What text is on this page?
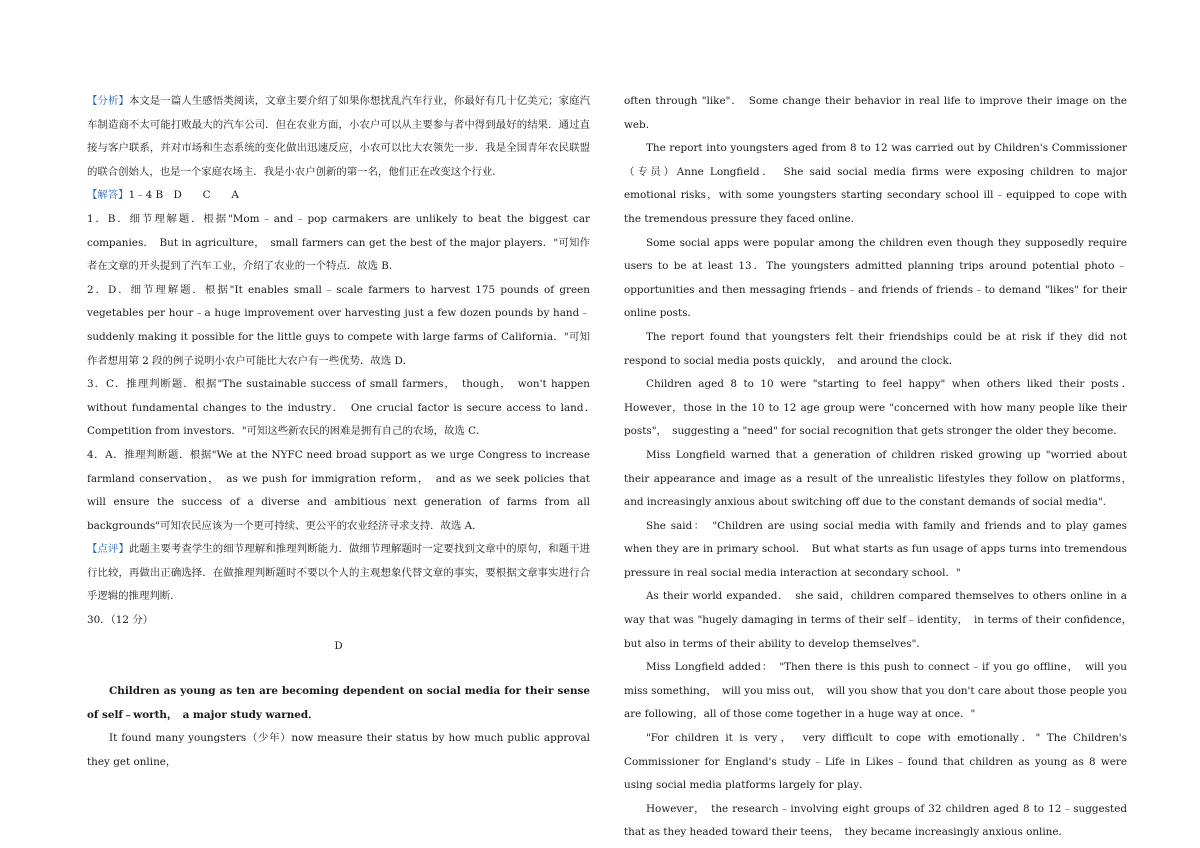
【分析】本文是一篇人生感悟类阅读，文章主要介绍了如果你想扰乱汽车行业，你最好有几十亿美元；家庭汽车制造商不太可能打败最大的汽车公司．但在农业方面，小农户可以从主要参与者中得到最好的结果．通过直接与客户联系，并对市场和生态系统的变化做出迅速反应，小农可以比大农领先一步．我是全国青年农民联盟的联合创始人，也是一个家庭农场主．我是小农户创新的第一名，他们正在改变这个行业．

【解答】1﹣4 B　D　　C　　A

1．B．细节理解题．根据"Mom﹣and﹣pop carmakers are unlikely to beat the biggest car companies．　But in agriculture，　small farmers can get the best of the major players．"可知作者在文章的开头提到了汽车工业，介绍了农业的一个特点．故选 B．

2．D．细节理解题．根据"It enables small﹣scale farmers to harvest 175 pounds of green vegetables per hour﹣a huge improvement over harvesting just a few dozen pounds by hand﹣suddenly making it possible for the little guys to compete with large farms of California．"可知作者想用第 2 段的例子说明小农户可能比大农户有一些优势．故选 D．

3．C．推理判断题．根据"The sustainable success of small farmers，　though，　won't happen without fundamental changes to the industry．　One crucial factor is secure access to land．　Competition from investors．"可知这些新农民的困难是拥有自己的农场，故选 C．

4．A．推理判断题．根据"We at the NYFC need broad support as we urge Congress to increase farmland conservation，　as we push for immigration reform，　and as we seek policies that will ensure the success of a diverse and ambitious next generation of farms from all backgrounds"可知农民应该为一个更可持续、更公平的农业经济寻求支持．故选 A．

【点评】此题主要考查学生的细节理解和推理判断能力．做细节理解题时一定要找到文章中的原句，和题干进行比较，再做出正确选择．在做推理判断题时不要以个人的主观想象代替文章的事实，要根据文章事实进行合乎逻辑的推理判断．

30．（12 分）

D

Children as young as ten are becoming dependent on social media for their sense of self﹣worth，　a major study warned．

It found many youngsters（少年）now measure their status by how much public approval they get online，

often through "like"．　Some change their behavior in real life to improve their image on the web．

The report into youngsters aged from 8 to 12 was carried out by Children's Commissioner （专员）Anne Longfield．　She said social media firms were exposing children to major emotional risks，with some youngsters starting secondary school ill﹣equipped to cope with the tremendous pressure they faced online．

Some social apps were popular among the children even though they supposedly require users to be at least 13．The youngsters admitted planning trips around potential photo﹣opportunities and then messaging friends﹣and friends of friends﹣to demand "likes" for their online posts．

The report found that youngsters felt their friendships could be at risk if they did not respond to social media posts quickly，　and around the clock．

Children aged 8 to 10 were "starting to feel happy" when others liked their posts．　However，those in the 10 to 12 age group were "concerned with how many people like their posts"，　suggesting a "need" for social recognition that gets stronger the older they become．

Miss Longfield warned that a generation of children risked growing up "worried about their appearance and image as a result of the unrealistic lifestyles they follow on platforms，　and increasingly anxious about switching off due to the constant demands of social media".

She said：　"Children are using social media with family and friends and to play games when they are in primary school．　But what starts as fun usage of apps turns into tremendous pressure in real social media interaction at secondary school．"

As their world expanded．　she said，children compared themselves to others online in a way that was "hugely damaging in terms of their self﹣identity，　in terms of their confidence，　but also in terms of their ability to develop themselves"．

Miss Longfield added：　"Then there is this push to connect﹣if you go offline，　will you miss something，　will you miss out，　will you show that you don't care about those people you are following，all of those come together in a huge way at once．"

"For children it is very，　very difficult to cope with emotionally．" The Children's Commissioner for England's study﹣Life in Likes﹣found that children as young as 8 were using social media platforms largely for play．

However，　the research﹣involving eight groups of 32 children aged 8 to 12﹣suggested that as they headed toward their teens，　they became increasingly anxious online．
